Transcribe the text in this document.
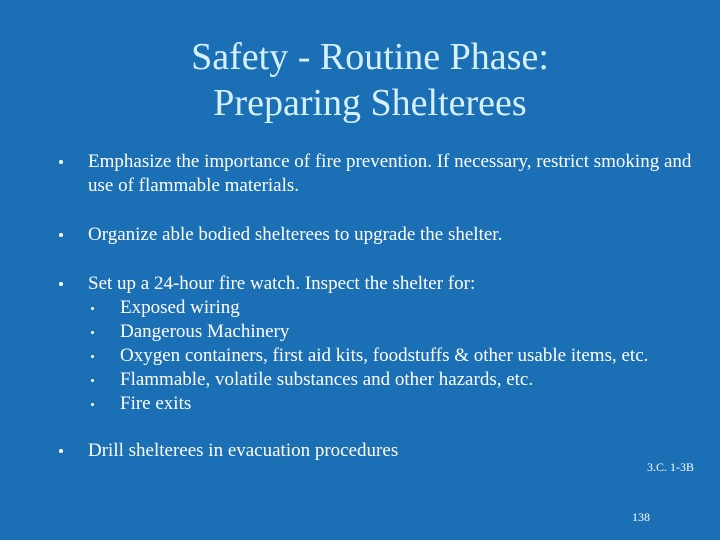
Safety - Routine Phase:
Preparing Shelterees
Emphasize the importance of fire prevention. If necessary, restrict smoking and use of flammable materials.
Organize able bodied shelterees to upgrade the shelter.
Set up a 24-hour fire watch. Inspect the shelter for:
Exposed wiring
Dangerous Machinery
Oxygen containers, first aid kits, foodstuffs & other usable items, etc.
Flammable, volatile substances and other hazards, etc.
Fire exits
Drill shelterees in evacuation procedures
3.C. 1-3B
138
